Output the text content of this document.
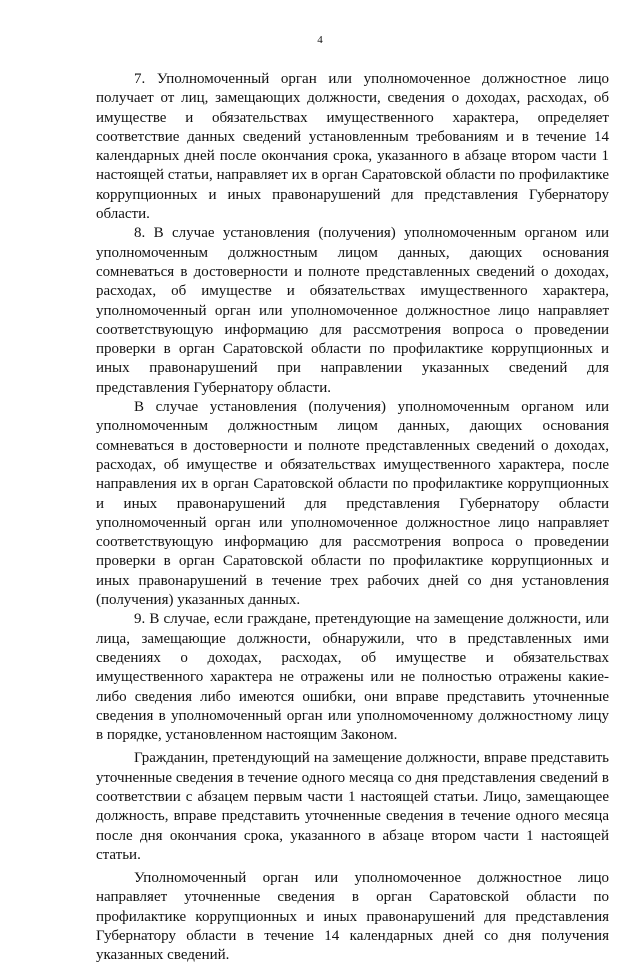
4

7. Уполномоченный орган или уполномоченное должностное лицо получает от лиц, замещающих должности, сведения о доходах, расходах, об имуществе и обязательствах имущественного характера, определяет соответствие данных сведений установленным требованиям и в течение 14 календарных дней после окончания срока, указанного в абзаце втором части 1 настоящей статьи, направляет их в орган Саратовской области по профилактике коррупционных и иных правонарушений для представления Губернатору области.

8. В случае установления (получения) уполномоченным органом или уполномоченным должностным лицом данных, дающих основания сомневаться в достоверности и полноте представленных сведений о доходах, расходах, об имуществе и обязательствах имущественного характера, уполномоченный орган или уполномоченное должностное лицо направляет соответствующую информацию для рассмотрения вопроса о проведении проверки в орган Саратовской области по профилактике коррупционных и иных правонарушений при направлении указанных сведений для представления Губернатору области.

В случае установления (получения) уполномоченным органом или уполномоченным должностным лицом данных, дающих основания сомневаться в достоверности и полноте представленных сведений о доходах, расходах, об имуществе и обязательствах имущественного характера, после направления их в орган Саратовской области по профилактике коррупционных и иных правонарушений для представления Губернатору области уполномоченный орган или уполномоченное должностное лицо направляет соответствующую информацию для рассмотрения вопроса о проведении проверки в орган Саратовской области по профилактике коррупционных и иных правонарушений в течение трех рабочих дней со дня установления (получения) указанных данных.

9. В случае, если граждане, претендующие на замещение должности, или лица, замещающие должности, обнаружили, что в представленных ими сведениях о доходах, расходах, об имуществе и обязательствах имущественного характера не отражены или не полностью отражены какие-либо сведения либо имеются ошибки, они вправе представить уточненные сведения в уполномоченный орган или уполномоченному должностному лицу в порядке, установленном настоящим Законом.

Гражданин, претендующий на замещение должности, вправе представить уточненные сведения в течение одного месяца со дня представления сведений в соответствии с абзацем первым части 1 настоящей статьи. Лицо, замещающее должность, вправе представить уточненные сведения в течение одного месяца после дня окончания срока, указанного в абзаце втором части 1 настоящей статьи.

Уполномоченный орган или уполномоченное должностное лицо направляет уточненные сведения в орган Саратовской области по профилактике коррупционных и иных правонарушений для представления Губернатору области в течение 14 календарных дней со дня получения указанных сведений.
